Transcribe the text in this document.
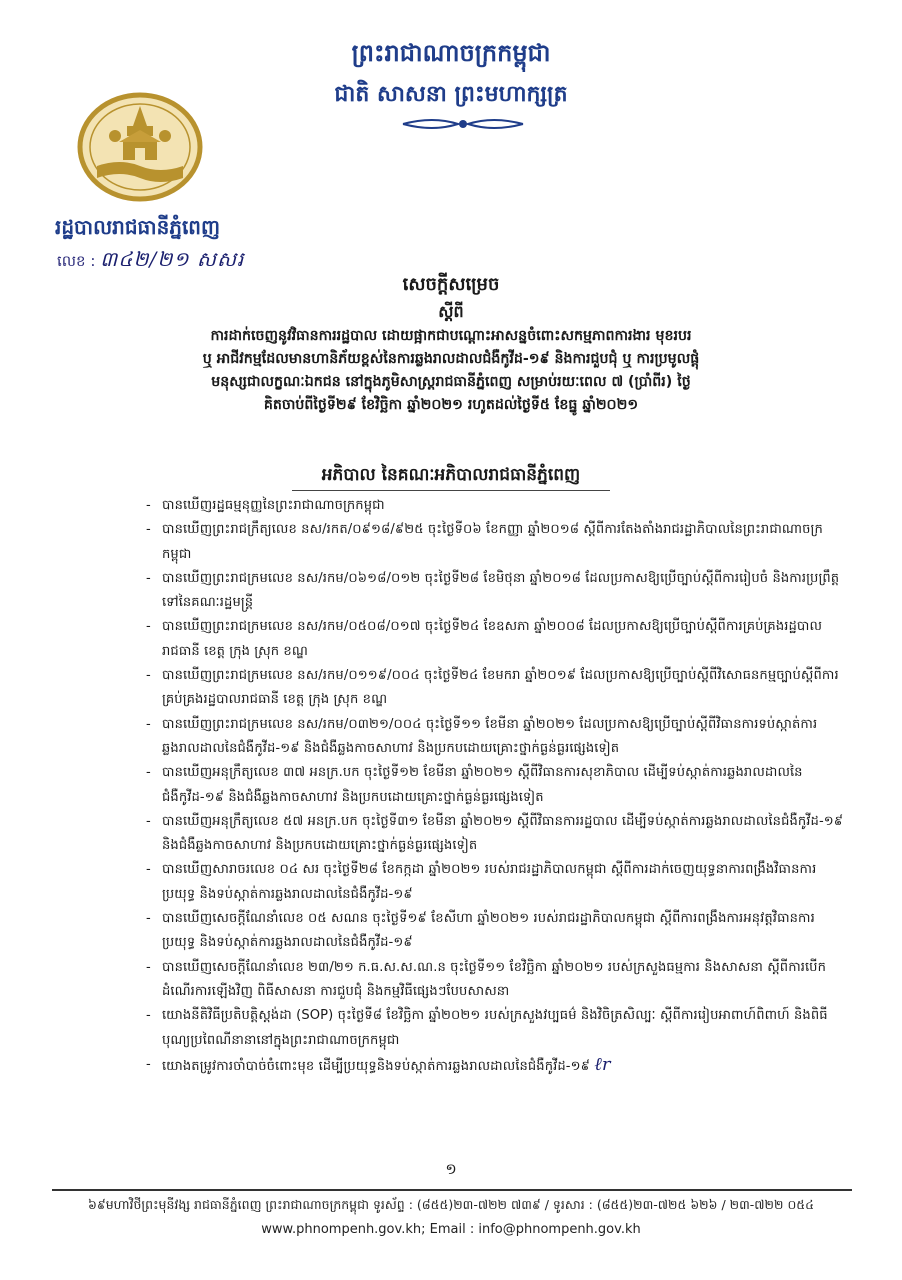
ព្រះរាជាណាចក្រកម្ពុជា
ជាតិ សាសនា ព្រះមហាក្សត្រ
រដ្ឋបាលរាជធានីភ្នំពេញ
លេខ : ៣៤២/២១ សសរ
សេចក្តីសម្រេច
ស្តីពី
ការដាក់ចេញនូវវិធានការរដ្ឋបាល ដោយផ្អាកជាបណ្តោះអាសន្នចំពោះសកម្មភាពការងារ មុខរបរ
ឬ អាជីវកម្មដែលមានហានិភ័យខ្ពស់នៃការឆ្លងរាលដាលជំងឺកូវីដ-១៩ និងការជួបជុំ ឬ ការប្រមូលផ្តុំ
មនុស្សជាលក្ខណៈឯកជន នៅក្នុងភូមិសាស្ត្ររាជធានីភ្នំពេញ សម្រាប់រយៈពេល ៧ (ប្រាំពីរ) ថ្ងៃ
គិតចាប់ពីថ្ងៃទី២៩ ខែវិច្ឆិកា ឆ្នាំ២០២១ រហូតដល់ថ្ងៃទី៥ ខែធ្នូ ឆ្នាំ២០២១
អភិបាល នៃគណៈអភិបាលរាជធានីភ្នំពេញ
- បានឃើញរដ្ឋធម្មនុញ្ញនៃព្រះរាជាណាចក្រកម្ពុជា
- បានឃើញព្រះរាជក្រឹត្យលេខ នស/រកត/០៩១៨/៩២៥ ចុះថ្ងៃទី០៦ ខែកញ្ញា ឆ្នាំ២០១៨ ស្តីពីការតែងតាំងរាជរដ្ឋាភិបាលនៃព្រះរាជាណាចក្រកម្ពុជា
- បានឃើញព្រះរាជក្រមលេខ នស/រកម/០៦១៨/០១២ ចុះថ្ងៃទី២៨ ខែមិថុនា ឆ្នាំ២០១៨ ដែលប្រកាសឱ្យប្រើច្បាប់ស្តីពីការរៀបចំ និងការប្រព្រឹត្តទៅនៃគណៈរដ្ឋមន្ត្រី
- បានឃើញព្រះរាជក្រមលេខ នស/រកម/០៥០៨/០១៧ ចុះថ្ងៃទី២៤ ខែឧសភា ឆ្នាំ២០០៨ ដែលប្រកាសឱ្យប្រើច្បាប់ស្តីពីការគ្រប់គ្រងរដ្ឋបាលរាជធានី ខេត្ត ក្រុង ស្រុក ខណ្ឌ
- បានឃើញព្រះរាជក្រមលេខ នស/រកម/០១១៩/០០៤ ចុះថ្ងៃទី២៤ ខែមករា ឆ្នាំ២០១៩ ដែលប្រកាសឱ្យប្រើច្បាប់ស្តីពីវិសោធនកម្មច្បាប់ស្តីពីការគ្រប់គ្រងរដ្ឋបាលរាជធានី ខេត្ត ក្រុង ស្រុក ខណ្ឌ
- បានឃើញព្រះរាជក្រមលេខ នស/រកម/០៣២១/០០៤ ចុះថ្ងៃទី១១ ខែមីនា ឆ្នាំ២០២១ ដែលប្រកាសឱ្យប្រើច្បាប់ស្តីពីវិធានការទប់ស្កាត់ការឆ្លងរាលដាលនៃជំងឺកូវីដ-១៩ និងជំងឺឆ្លងកាចសាហាវ និងប្រកបដោយគ្រោះថ្នាក់ធ្ងន់ធ្ងរផ្សេងទៀត
- បានឃើញអនុក្រឹត្យលេខ ៣៧ អនក្រ.បក ចុះថ្ងៃទី១២ ខែមីនា ឆ្នាំ២០២១ ស្តីពីវិធានការសុខាភិបាល ដើម្បីទប់ស្កាត់ការឆ្លងរាលដាលនៃជំងឺកូវីដ-១៩ និងជំងឺឆ្លងកាចសាហាវ និងប្រកបដោយគ្រោះថ្នាក់ធ្ងន់ធ្ងរផ្សេងទៀត
- បានឃើញអនុក្រឹត្យលេខ ៥៧ អនក្រ.បក ចុះថ្ងៃទី៣១ ខែមីនា ឆ្នាំ២០២១ ស្តីពីវិធានការរដ្ឋបាល ដើម្បីទប់ស្កាត់ការឆ្លងរាលដាលនៃជំងឺកូវីដ-១៩ និងជំងឺឆ្លងកាចសាហាវ និងប្រកបដោយគ្រោះថ្នាក់ធ្ងន់ធ្ងរផ្សេងទៀត
- បានឃើញសារាចរលេខ ០៤ សរ ចុះថ្ងៃទី២៨ ខែកក្កដា ឆ្នាំ២០២១ របស់រាជរដ្ឋាភិបាលកម្ពុជា ស្តីពីការដាក់ចេញយុទ្ធនាការពង្រឹងវិធានការប្រយុទ្ធ និងទប់ស្កាត់ការឆ្លងរាលដាលនៃជំងឺកូវីដ-១៩
- បានឃើញសេចក្តីណែនាំលេខ ០៥ សណន ចុះថ្ងៃទី១៩ ខែសីហា ឆ្នាំ២០២១ របស់រាជរដ្ឋាភិបាលកម្ពុជា ស្តីពីការពង្រឹងការអនុវត្តវិធានការប្រយុទ្ធ និងទប់ស្កាត់ការឆ្លងរាលដាលនៃជំងឺកូវីដ-១៩
- បានឃើញសេចក្តីណែនាំលេខ ២៣/២១ ក.ធ.ស.ស.ណ.ន ចុះថ្ងៃទី១១ ខែវិច្ឆិកា ឆ្នាំ២០២១ របស់ក្រសួងធម្មការ និងសាសនា ស្តីពីការបើកដំណើរការឡើងវិញ ពិធីសាសនា ការជួបជុំ និងកម្មវិធីផ្សេងៗបែបសាសនា
- យោងនីតិវិធីប្រតិបត្តិស្តង់ដា (SOP) ចុះថ្ងៃទី៨ ខែវិច្ឆិកា ឆ្នាំ២០២១ របស់ក្រសួងវប្បធម៌ និងវិចិត្រសិល្បៈ ស្តីពីការរៀបអាពាហ៍ពិពាហ៍ និងពិធីបុណ្យប្រពៃណីនានានៅក្នុងព្រះរាជាណាចក្រកម្ពុជា
- យោងតម្រូវការចាំបាច់ចំពោះមុខ ដើម្បីប្រយុទ្ធនិងទប់ស្កាត់ការឆ្លងរាលដាលនៃជំងឺកូវីដ-១៩ ℓr
១
៦៩មហាវិថីព្រះមុនីវង្ស រាជធានីភ្នំពេញ ព្រះរាជាណាចក្រកម្ពុជា ទូរស័ព្ទ : (៨៥៥)២៣-៧២២ ៧៣៩ / ទូរសារ : (៨៥៥)២៣-៧២៥ ៦២៦ / ២៣-៧២២ ០៥៤
www.phnompenh.gov.kh; Email : info@phnompenh.gov.kh
